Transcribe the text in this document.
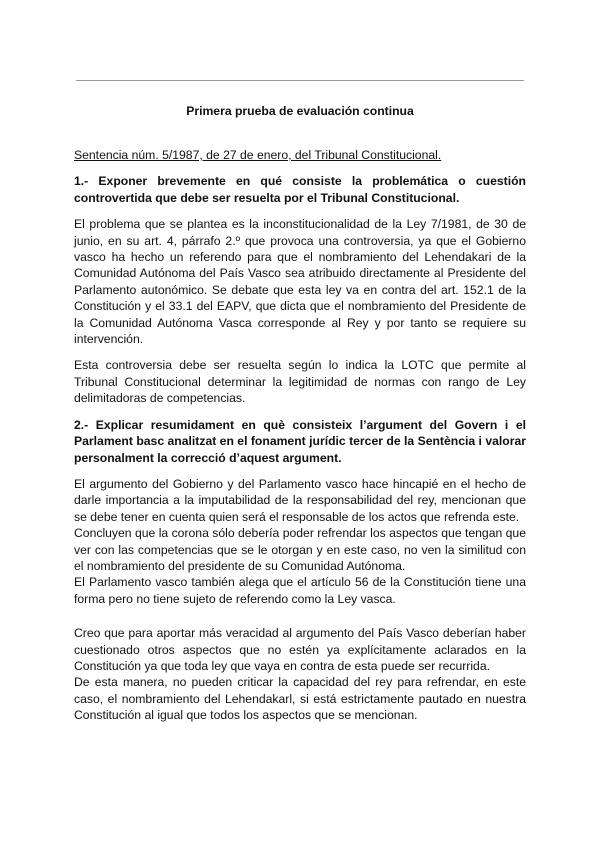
Primera prueba de evaluación continua

Sentencia núm. 5/1987, de 27 de enero, del Tribunal Constitucional.

1.- Exponer brevemente en qué consiste la problemática o cuestión controvertida que debe ser resuelta por el Tribunal Constitucional.

El problema que se plantea es la inconstitucionalidad de la Ley 7/1981, de 30 de junio, en su art. 4, párrafo 2.º que provoca una controversia, ya que el Gobierno vasco ha hecho un referendo para que el nombramiento del Lehendakari de la Comunidad Autónoma del País Vasco sea atribuido directamente al Presidente del Parlamento autonómico. Se debate que esta ley va en contra del art. 152.1 de la Constitución y el 33.1 del EAPV, que dicta que el nombramiento del Presidente de la Comunidad Autónoma Vasca corresponde al Rey y por tanto se requiere su intervención.

Esta controversia debe ser resuelta según lo indica la LOTC que permite al Tribunal Constitucional determinar la legitimidad de normas con rango de Ley delimitadoras de competencias.

2.- Explicar resumidament en què consisteix l’argument del Govern i el Parlament basc analitzat en el fonament jurídic tercer de la Sentència i valorar personalment la correcció d’aquest argument.

El argumento del Gobierno y del Parlamento vasco hace hincapié en el hecho de darle importancia a la imputabilidad de la responsabilidad del rey, mencionan que se debe tener en cuenta quien será el responsable de los actos que refrenda este.

Concluyen que la corona sólo debería poder refrendar los aspectos que tengan que ver con las competencias que se le otorgan y en este caso, no ven la similitud con el nombramiento del presidente de su Comunidad Autónoma.

El Parlamento vasco también alega que el artículo 56 de la Constitución tiene una forma pero no tiene sujeto de referendo como la Ley vasca.

Creo que para aportar más veracidad al argumento del País Vasco deberían haber cuestionado otros aspectos que no estén ya explícitamente aclarados en la Constitución ya que toda ley que vaya en contra de esta puede ser recurrida.

De esta manera, no pueden criticar la capacidad del rey para refrendar, en este caso, el nombramiento del Lehendakarl, si está estrictamente pautado en nuestra Constitución al igual que todos los aspectos que se mencionan.
